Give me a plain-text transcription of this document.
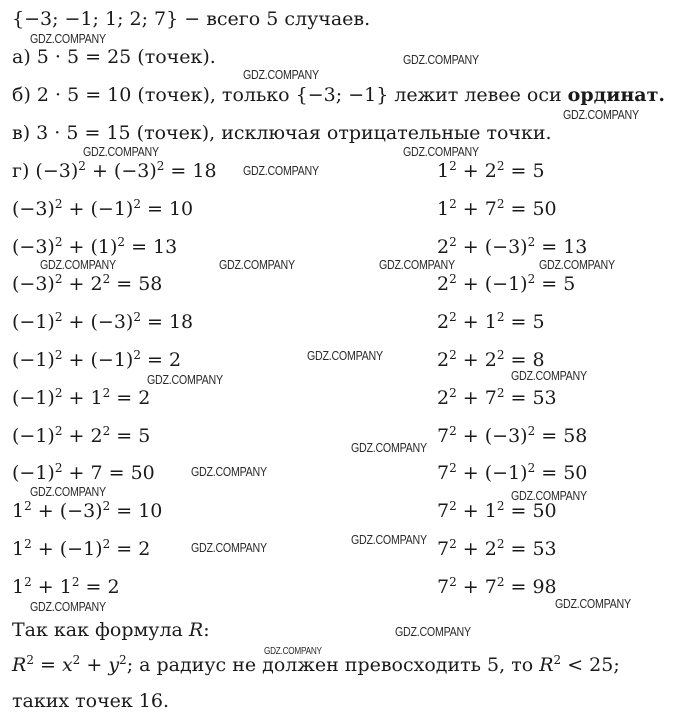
{−3; −1; 1; 2; 7} − всего 5 случаев.
а) 5 · 5 = 25 (точек).
б) 2 · 5 = 10 (точек), только {−3; −1} лежит левее оси ординат.
в) 3 · 5 = 15 (точек), исключая отрицательные точки.
г) $(-3)^2 + (-3)^2 = 18$
$(-3)^2 + (-1)^2 = 10$
$(-3)^2 + (1)^2 = 13$
$(-3)^2 + 2^2 = 58$
$(-1)^2 + (-3)^2 = 18$
$(-1)^2 + (-1)^2 = 2$
$(-1)^2 + 1^2 = 2$
$(-1)^2 + 2^2 = 5$
$(-1)^2 + 7 = 50$
$1^2 + (-3)^2 = 10$
$1^2 + (-1)^2 = 2$
$1^2 + 1^2 = 2$
$1^2 + 2^2 = 5$
$1^2 + 7^2 = 50$
$2^2 + (-3)^2 = 13$
$2^2 + (-1)^2 = 5$
$2^2 + 1^2 = 5$
$2^2 + 2^2 = 8$
$2^2 + 7^2 = 53$
$7^2 + (-3)^2 = 58$
$7^2 + (-1)^2 = 50$
$7^2 + 1^2 = 50$
$7^2 + 2^2 = 53$
$7^2 + 7^2 = 98$
Так как формула R:
$R^2 = x^2 + y^2$; а радиус не должен превосходить 5, то $R^2 < 25$;
таких точек 16.
GDZ.COMPANY
GDZ.COMPANY
GDZ.COMPANY
GDZ.COMPANY
GDZ.COMPANY	GDZ.COMPANY
GDZ.COMPANY
GDZ.COMPANY	GDZ.COMPANY	GDZ.COMPANY	GDZ.COMPANY
GDZ.COMPANY
GDZ.COMPANY	GDZ.COMPANY
GDZ.COMPANY
GDZ.COMPANY
GDZ.COMPANY	GDZ.COMPANY
GDZ.COMPANY
GDZ.COMPANY
GDZ.COMPANY	GDZ.COMPANY
GDZ.COMPANY
GDZ.COMPANY
